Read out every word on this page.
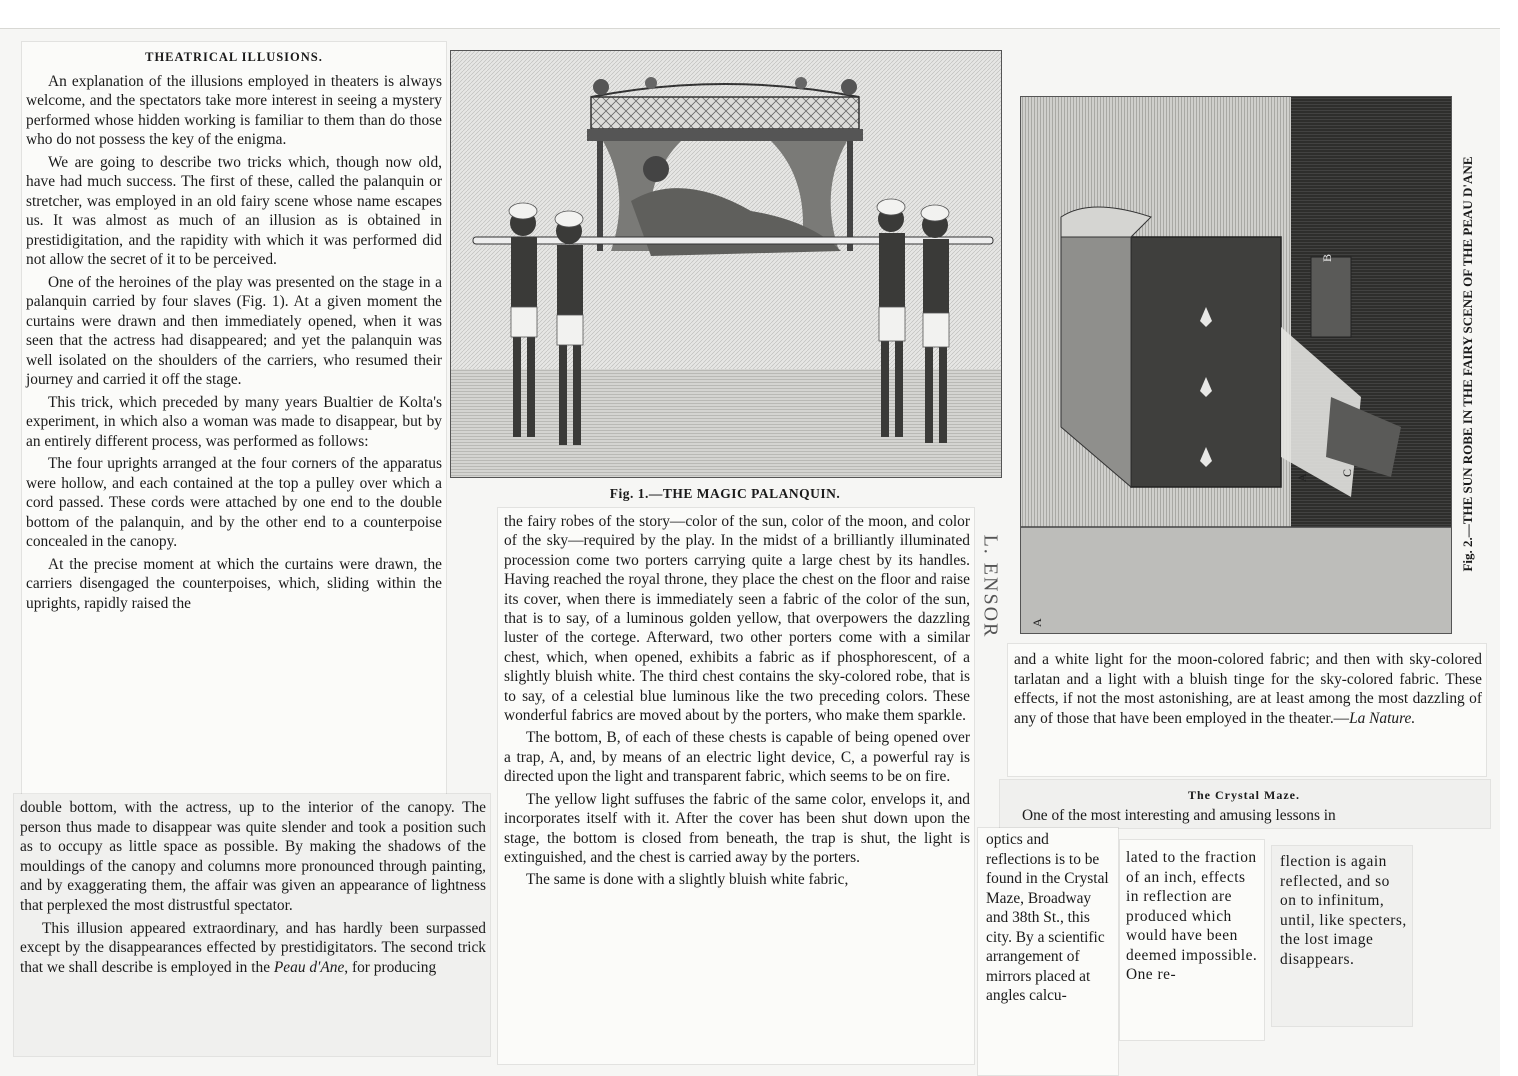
THEATRICAL ILLUSIONS.

An explanation of the illusions employed in theaters is always welcome, and the spectators take more interest in seeing a mystery performed whose hidden working is familiar to them than do those who do not possess the key of the enigma.

We are going to describe two tricks which, though now old, have had much success. The first of these, called the palanquin or stretcher, was employed in an old fairy scene whose name escapes us. It was almost as much of an illusion as is obtained in prestidigitation, and the rapidity with which it was performed did not allow the secret of it to be perceived.

One of the heroines of the play was presented on the stage in a palanquin carried by four slaves (Fig. 1). At a given moment the curtains were drawn and then immediately opened, when it was seen that the actress had disappeared; and yet the palanquin was well isolated on the shoulders of the carriers, who resumed their journey and carried it off the stage.

This trick, which preceded by many years Bualtier de Kolta's experiment, in which also a woman was made to disappear, but by an entirely different process, was performed as follows:

The four uprights arranged at the four corners of the apparatus were hollow, and each contained at the top a pulley over which a cord passed. These cords were attached by one end to the double bottom of the palanquin, and by the other end to a counterpoise concealed in the canopy.

At the precise moment at which the curtains were drawn, the carriers disengaged the counterpoises, which, sliding within the uprights, rapidly raised the

double bottom, with the actress, up to the interior of the canopy. The person thus made to disappear was quite slender and took a position such as to occupy as little space as possible. By making the shadows of the mouldings of the canopy and columns more pronounced through painting, and by exaggerating them, the affair was given an appearance of lightness that perplexed the most distrustful spectator.

This illusion appeared extraordinary, and has hardly been surpassed except by the disappearances effected by prestidigitators. The second trick that we shall describe is employed in the Peau d'Ane, for producing

Fig. 1.—THE MAGIC PALANQUIN.
B
A
C
A
Fig. 2.—THE SUN ROBE IN THE FAIRY SCENE OF THE PEAU D'ANE
L. ENSOR

the fairy robes of the story—color of the sun, color of the moon, and color of the sky—required by the play. In the midst of a brilliantly illuminated procession come two porters carrying quite a large chest by its handles. Having reached the royal throne, they place the chest on the floor and raise its cover, when there is immediately seen a fabric of the color of the sun, that is to say, of a luminous golden yellow, that overpowers the dazzling luster of the cortege. Afterward, two other porters come with a similar chest, which, when opened, exhibits a fabric as if phosphorescent, of a slightly bluish white. The third chest contains the sky-colored robe, that is to say, of a celestial blue luminous like the two preceding colors. These wonderful fabrics are moved about by the porters, who make them sparkle.

The bottom, B, of each of these chests is capable of being opened over a trap, A, and, by means of an electric light device, C, a powerful ray is directed upon the light and transparent fabric, which seems to be on fire.

The yellow light suffuses the fabric of the same color, envelops it, and incorporates itself with it. After the cover has been shut down upon the stage, the bottom is closed from beneath, the trap is shut, the light is extinguished, and the chest is carried away by the porters.

The same is done with a slightly bluish white fabric,

and a white light for the moon-colored fabric; and then with sky-colored tarlatan and a light with a bluish tinge for the sky-colored fabric. These effects, if not the most astonishing, are at least among the most dazzling of any of those that have been employed in the theater.—La Nature.

The Crystal Maze.
One of the most interesting and amusing lessons in
optics and reflections is to be found in the Crystal Maze, Broadway and 38th St., this city. By a scientific arrangement of mirrors placed at angles calcu-
lated to the fraction of an inch, effects in reflection are produced which would have been deemed impossible. One re-
flection is again reflected, and so on to infinitum, until, like specters, the lost image disappears.
